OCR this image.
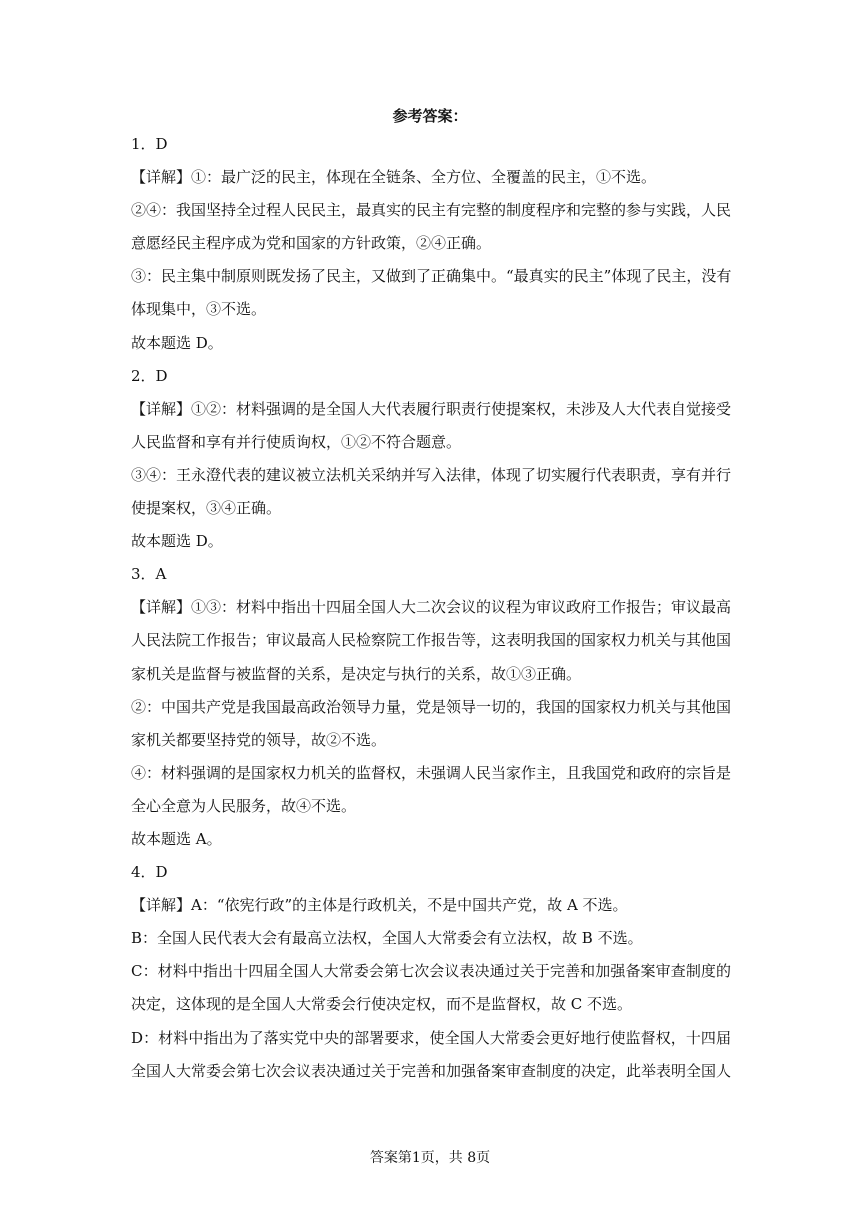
参考答案：
1．D
【详解】①：最广泛的民主，体现在全链条、全方位、全覆盖的民主，①不选。
②④：我国坚持全过程人民民主，最真实的民主有完整的制度程序和完整的参与实践，人民
意愿经民主程序成为党和国家的方针政策，②④正确。
③：民主集中制原则既发扬了民主，又做到了正确集中。“最真实的民主”体现了民主，没有
体现集中，③不选。
故本题选 D。
2．D
【详解】①②：材料强调的是全国人大代表履行职责行使提案权，未涉及人大代表自觉接受
人民监督和享有并行使质询权，①②不符合题意。
③④：王永澄代表的建议被立法机关采纳并写入法律，体现了切实履行代表职责，享有并行
使提案权，③④正确。
故本题选 D。
3．A
【详解】①③：材料中指出十四届全国人大二次会议的议程为审议政府工作报告；审议最高
人民法院工作报告；审议最高人民检察院工作报告等，这表明我国的国家权力机关与其他国
家机关是监督与被监督的关系，是决定与执行的关系，故①③正确。
②：中国共产党是我国最高政治领导力量，党是领导一切的，我国的国家权力机关与其他国
家机关都要坚持党的领导，故②不选。
④：材料强调的是国家权力机关的监督权，未强调人民当家作主，且我国党和政府的宗旨是
全心全意为人民服务，故④不选。
故本题选 A。
4．D
【详解】A：“依宪行政”的主体是行政机关，不是中国共产党，故 A 不选。
B：全国人民代表大会有最高立法权，全国人大常委会有立法权，故 B 不选。
C：材料中指出十四届全国人大常委会第七次会议表决通过关于完善和加强备案审查制度的
决定，这体现的是全国人大常委会行使决定权，而不是监督权，故 C 不选。
D：材料中指出为了落实党中央的部署要求，使全国人大常委会更好地行使监督权，十四届
全国人大常委会第七次会议表决通过关于完善和加强备案审查制度的决定，此举表明全国人
答案第1页，共 8页
